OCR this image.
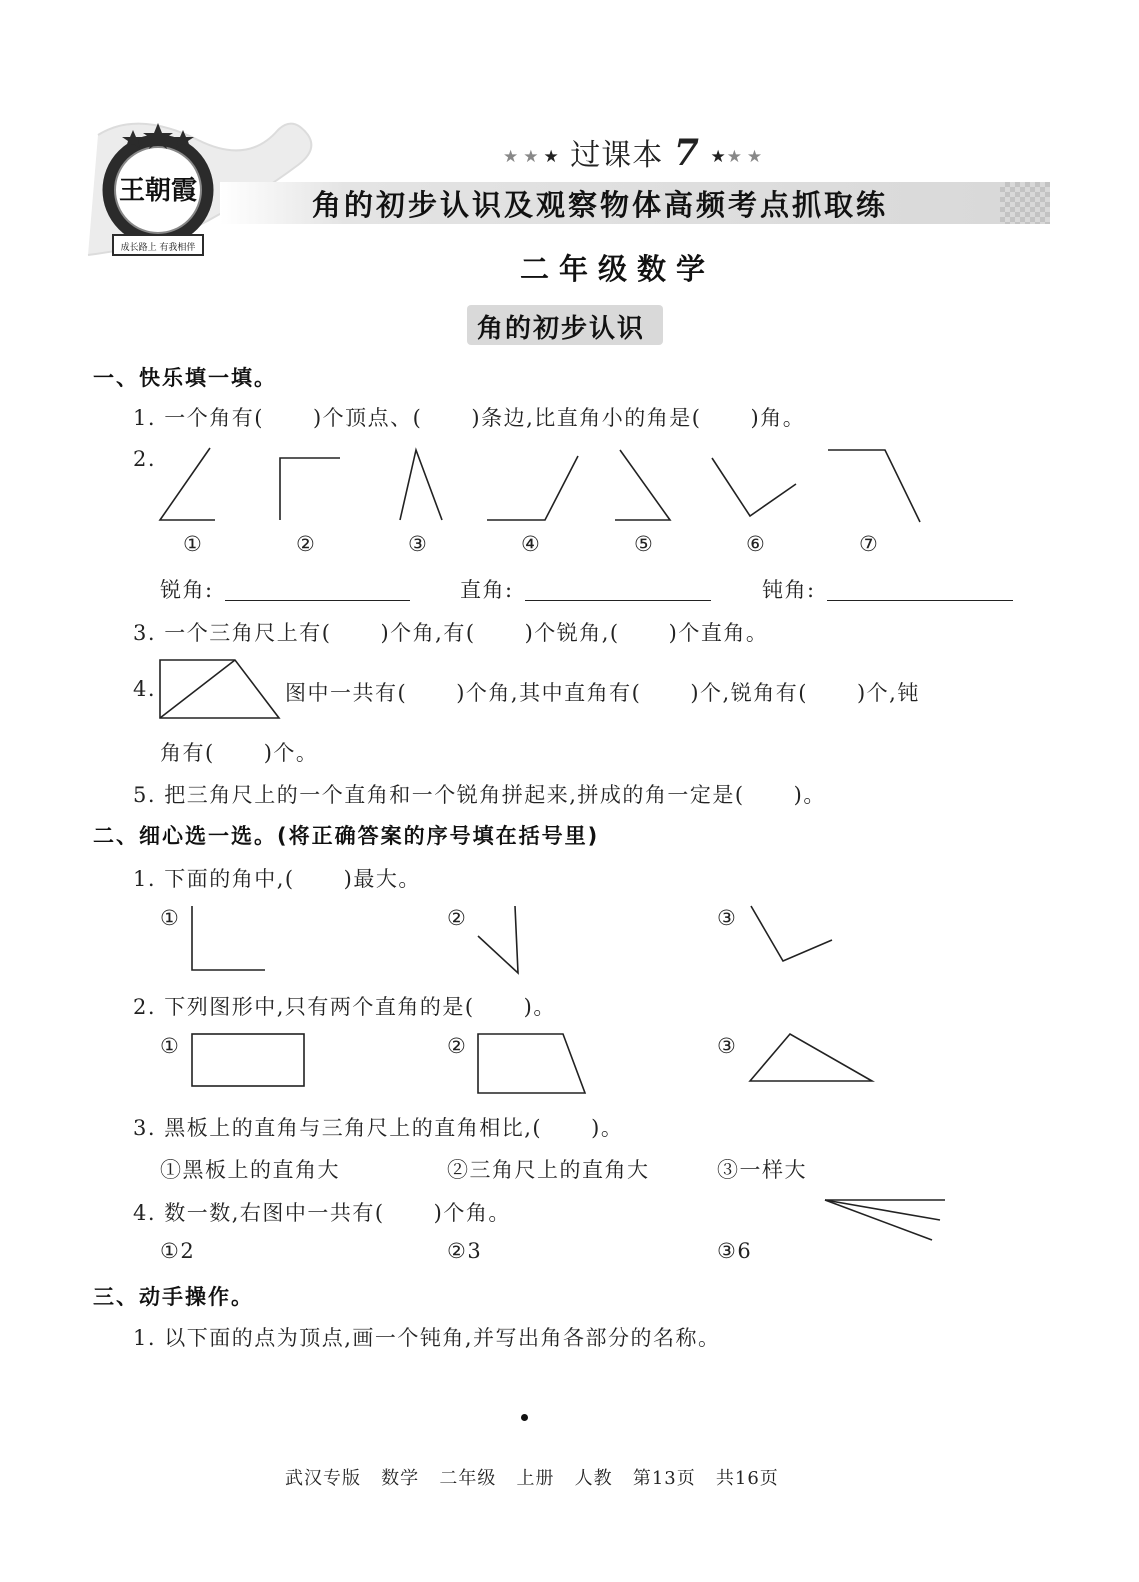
王朝霞
成长路上 有我相伴
★★★ 过课本 7 ★★★
角的初步认识及观察物体高频考点抓取练
二年级数学
角的初步认识
一、快乐填一填。
1. 一个角有(      )个顶点、(      )条边,比直角小的角是(      )角。
2.
①	②	③	④	⑤	⑥	⑦
锐角:	直角:	钝角:
3. 一个三角尺上有(      )个角,有(      )个锐角,(      )个直角。
4.	图中一共有(      )个角,其中直角有(      )个,锐角有(      )个,钝
角有(      )个。
5. 把三角尺上的一个直角和一个锐角拼起来,拼成的角一定是(      )。
二、细心选一选。(将正确答案的序号填在括号里)
1. 下面的角中,(      )最大。
①	②	③
2. 下列图形中,只有两个直角的是(      )。
①	②	③
3. 黑板上的直角与三角尺上的直角相比,(      )。
①黑板上的直角大	②三角尺上的直角大	③一样大
4. 数一数,右图中一共有(      )个角。
①2	②3	③6
三、动手操作。
1. 以下面的点为顶点,画一个钝角,并写出角各部分的名称。
武汉专版   数学   二年级   上册   人教   第13页   共16页
